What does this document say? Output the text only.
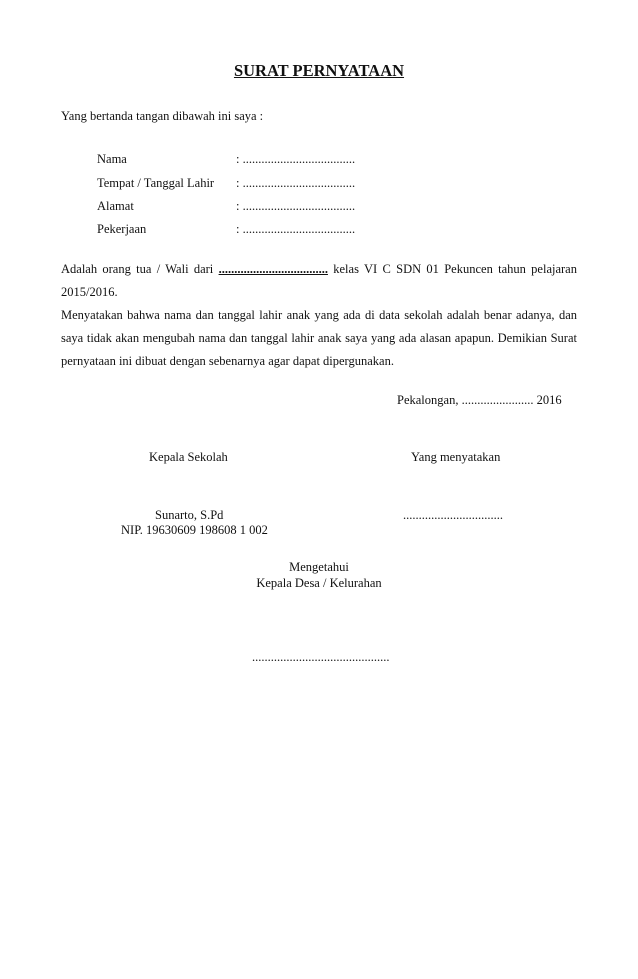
SURAT PERNYATAAN
Yang bertanda tangan dibawah ini saya :
Nama	: ....................................
Tempat / Tanggal Lahir : ....................................
Alamat	: ....................................
Pekerjaan	: ....................................
Adalah orang tua / Wali dari ................................... kelas VI C SDN 01 Pekuncen tahun pelajaran
2015/2016.
Menyatakan bahwa nama dan tanggal lahir anak yang ada di data sekolah adalah benar adanya, dan
saya tidak akan mengubah nama dan tanggal lahir anak saya yang ada alasan apapun. Demikian Surat
pernyataan ini dibuat dengan sebenarnya agar dapat dipergunakan.
Pekalongan, ....................... 2016
Kepala Sekolah	Yang menyatakan
Sunarto, S.Pd
NIP. 19630609 198608 1 002
................................
Mengetahui
Kepala Desa / Kelurahan
............................................
